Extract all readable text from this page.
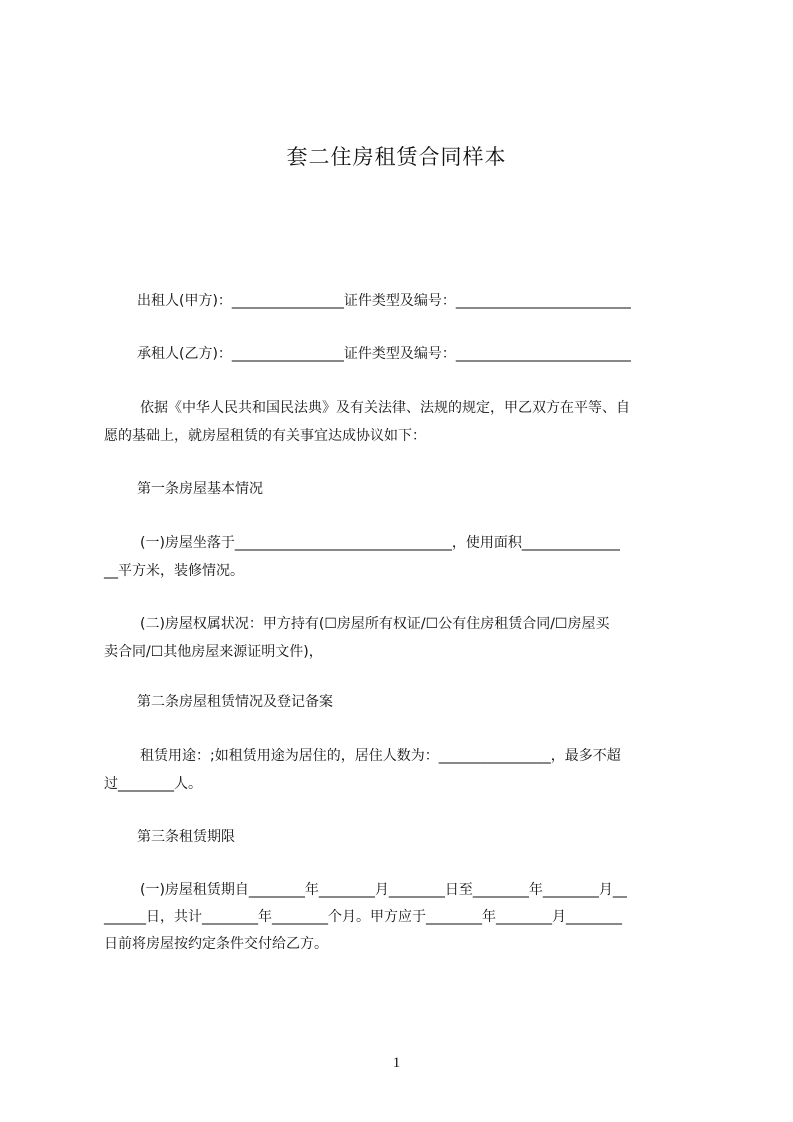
套二住房租赁合同样本
出租人(甲方)：________________证件类型及编号：_________________________
承租人(乙方)：________________证件类型及编号：_________________________
依据《中华人民共和国民法典》及有关法律、法规的规定，甲乙双方在平等、自
愿的基础上，就房屋租赁的有关事宜达成协议如下：
第一条房屋基本情况
(一)房屋坐落于_______________________________，使用面积______________
__平方米，装修情况。
(二)房屋权属状况：甲方持有(☐房屋所有权证/☐公有住房租赁合同/☐房屋买
卖合同/☐其他房屋来源证明文件)，
第二条房屋租赁情况及登记备案
租赁用途：;如租赁用途为居住的，居住人数为：________________，最多不超
过________人。
第三条租赁期限
(一)房屋租赁期自________年________月________日至________年________月__
______日，共计________年________个月。甲方应于________年________月________
日前将房屋按约定条件交付给乙方。
1
